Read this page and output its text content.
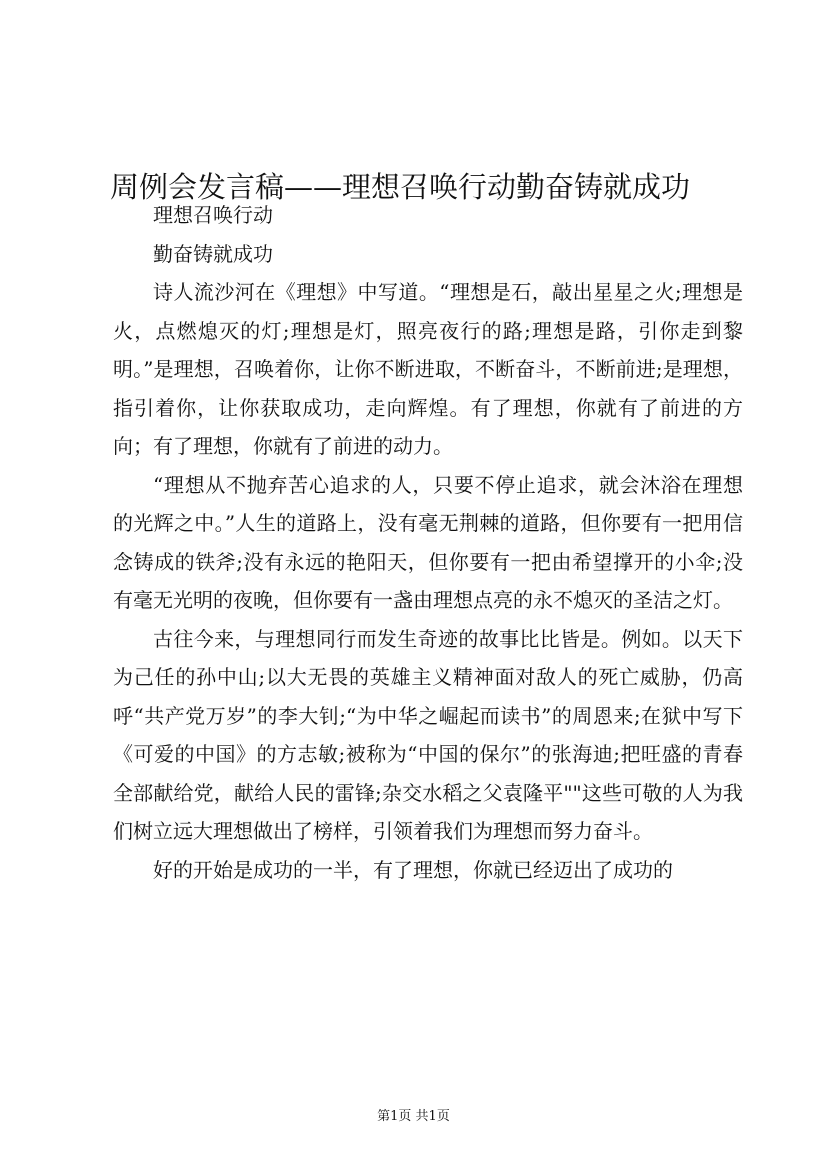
周例会发言稿——理想召唤行动勤奋铸就成功

理想召唤行动

勤奋铸就成功

诗人流沙河在《理想》中写道。“理想是石，敲出星星之火;理想是火，点燃熄灭的灯;理想是灯，照亮夜行的路;理想是路，引你走到黎明。”是理想，召唤着你，让你不断进取，不断奋斗，不断前进;是理想，指引着你，让你获取成功，走向辉煌。有了理想，你就有了前进的方向；有了理想，你就有了前进的动力。

“理想从不抛弃苦心追求的人，只要不停止追求，就会沐浴在理想的光辉之中。”人生的道路上，没有毫无荆棘的道路，但你要有一把用信念铸成的铁斧;没有永远的艳阳天，但你要有一把由希望撑开的小伞;没有毫无光明的夜晚，但你要有一盏由理想点亮的永不熄灭的圣洁之灯。

古往今来，与理想同行而发生奇迹的故事比比皆是。例如。以天下为己任的孙中山;以大无畏的英雄主义精神面对敌人的死亡威胁，仍高呼“共产党万岁”的李大钊;“为中华之崛起而读书”的周恩来;在狱中写下《可爱的中国》的方志敏;被称为“中国的保尔”的张海迪;把旺盛的青春全部献给党，献给人民的雷锋;杂交水稻之父袁隆平""这些可敬的人为我们树立远大理想做出了榜样，引领着我们为理想而努力奋斗。

好的开始是成功的一半，有了理想，你就已经迈出了成功的

第1页 共1页
